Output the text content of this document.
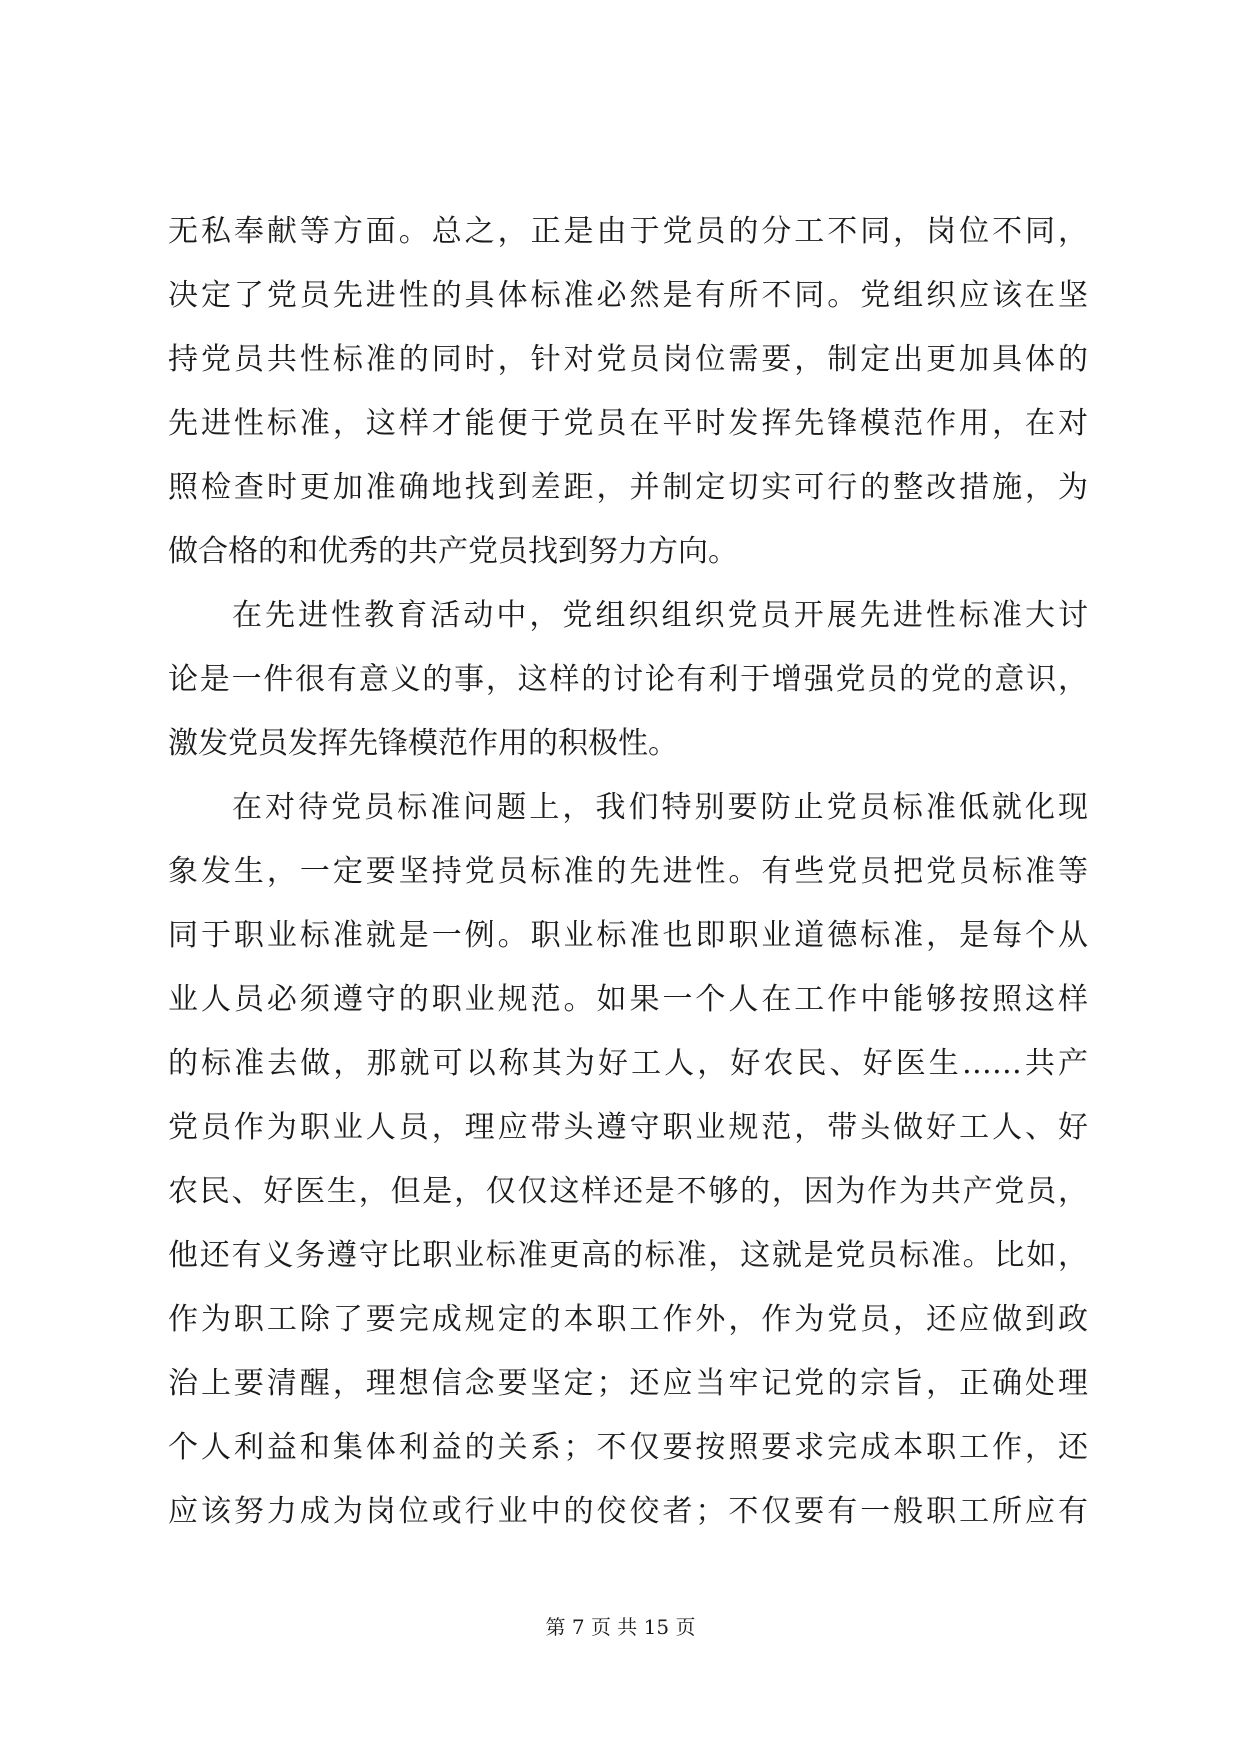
无私奉献等方面。总之，正是由于党员的分工不同，岗位不同，
决定了党员先进性的具体标准必然是有所不同。党组织应该在坚
持党员共性标准的同时，针对党员岗位需要，制定出更加具体的
先进性标准，这样才能便于党员在平时发挥先锋模范作用，在对
照检查时更加准确地找到差距，并制定切实可行的整改措施，为
做合格的和优秀的共产党员找到努力方向。
在先进性教育活动中，党组织组织党员开展先进性标准大讨
论是一件很有意义的事，这样的讨论有利于增强党员的党的意识，
激发党员发挥先锋模范作用的积极性。
在对待党员标准问题上，我们特别要防止党员标准低就化现
象发生，一定要坚持党员标准的先进性。有些党员把党员标准等
同于职业标准就是一例。职业标准也即职业道德标准，是每个从
业人员必须遵守的职业规范。如果一个人在工作中能够按照这样
的标准去做，那就可以称其为好工人，好农民、好医生……共产
党员作为职业人员，理应带头遵守职业规范，带头做好工人、好
农民、好医生，但是，仅仅这样还是不够的，因为作为共产党员，
他还有义务遵守比职业标准更高的标准，这就是党员标准。比如，
作为职工除了要完成规定的本职工作外，作为党员，还应做到政
治上要清醒，理想信念要坚定；还应当牢记党的宗旨，正确处理
个人利益和集体利益的关系；不仅要按照要求完成本职工作，还
应该努力成为岗位或行业中的佼佼者；不仅要有一般职工所应有
第 7 页 共 15 页
